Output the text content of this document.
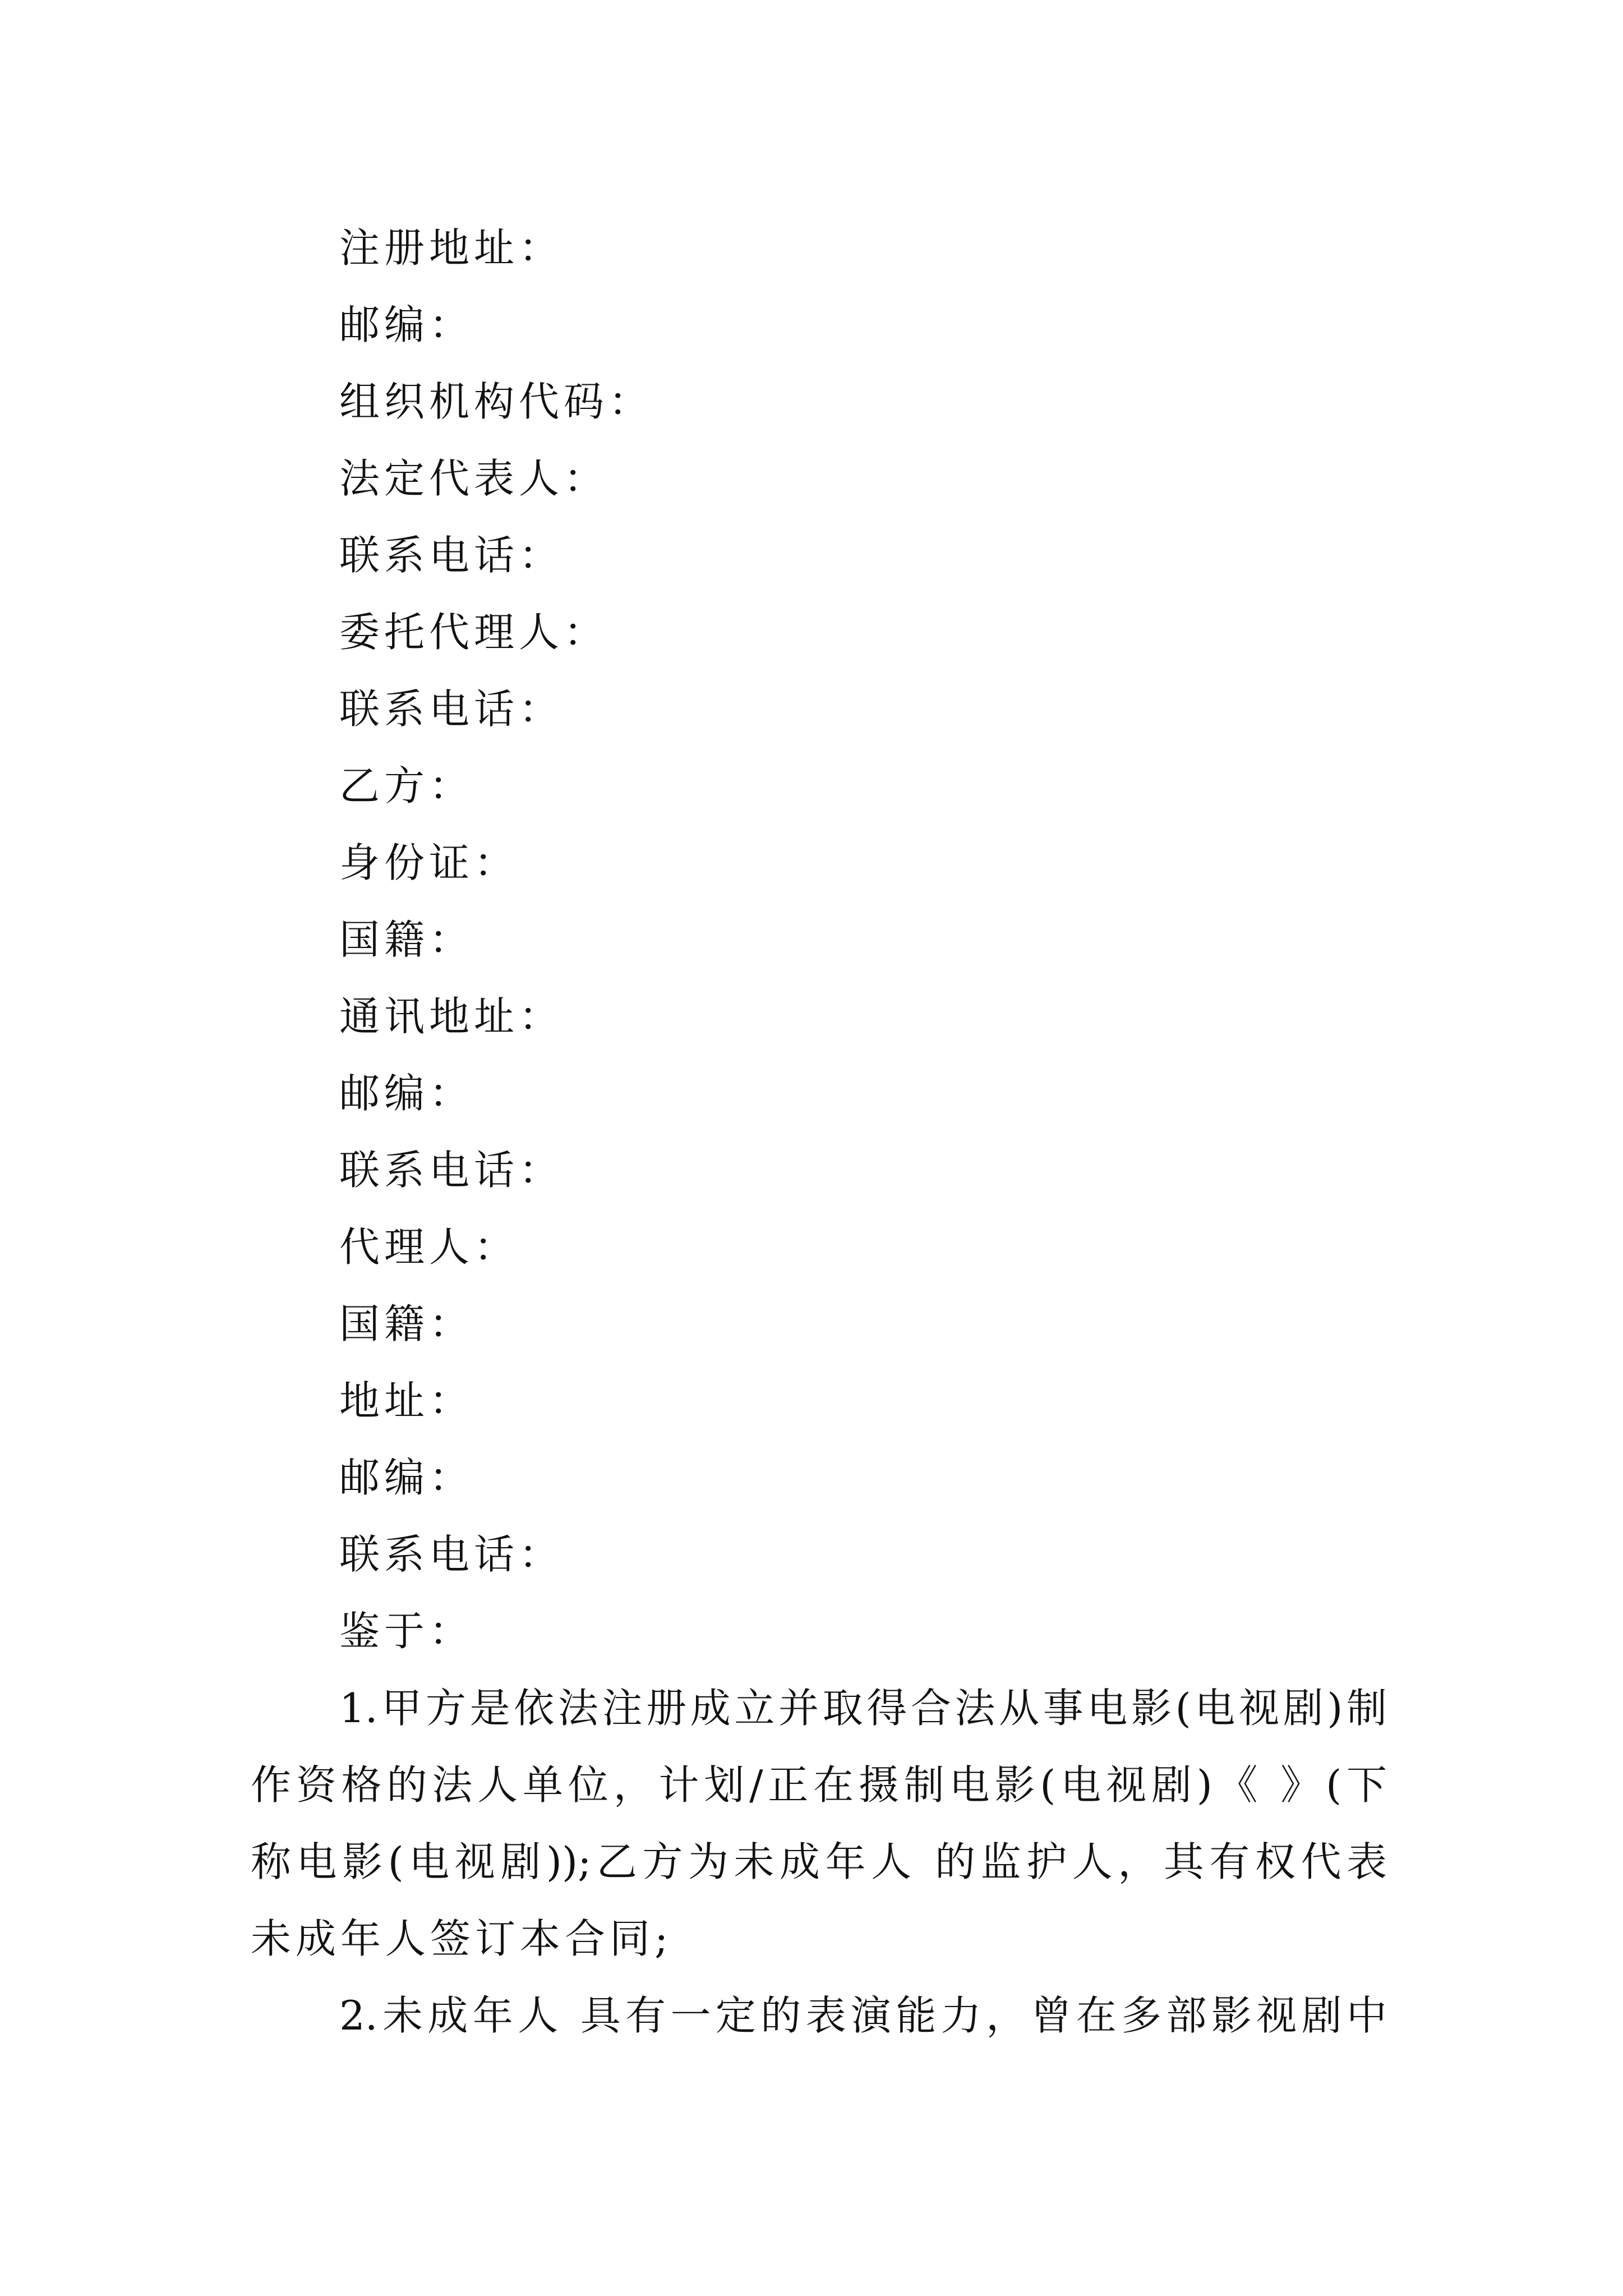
注册地址：
邮编：
组织机构代码：
法定代表人：
联系电话：
委托代理人：
联系电话：
乙方：
身份证：
国籍：
通讯地址：
邮编：
联系电话：
代理人：
国籍：
地址：
邮编：
联系电话：
鉴于：
1.甲方是依法注册成立并取得合法从事电影(电视剧)制
作资格的法人单位，计划/正在摄制电影(电视剧)《 》(下
称电影(电视剧));乙方为未成年人 的监护人，其有权代表
未成年人签订本合同;
2.未成年人 具有一定的表演能力，曾在多部影视剧中
